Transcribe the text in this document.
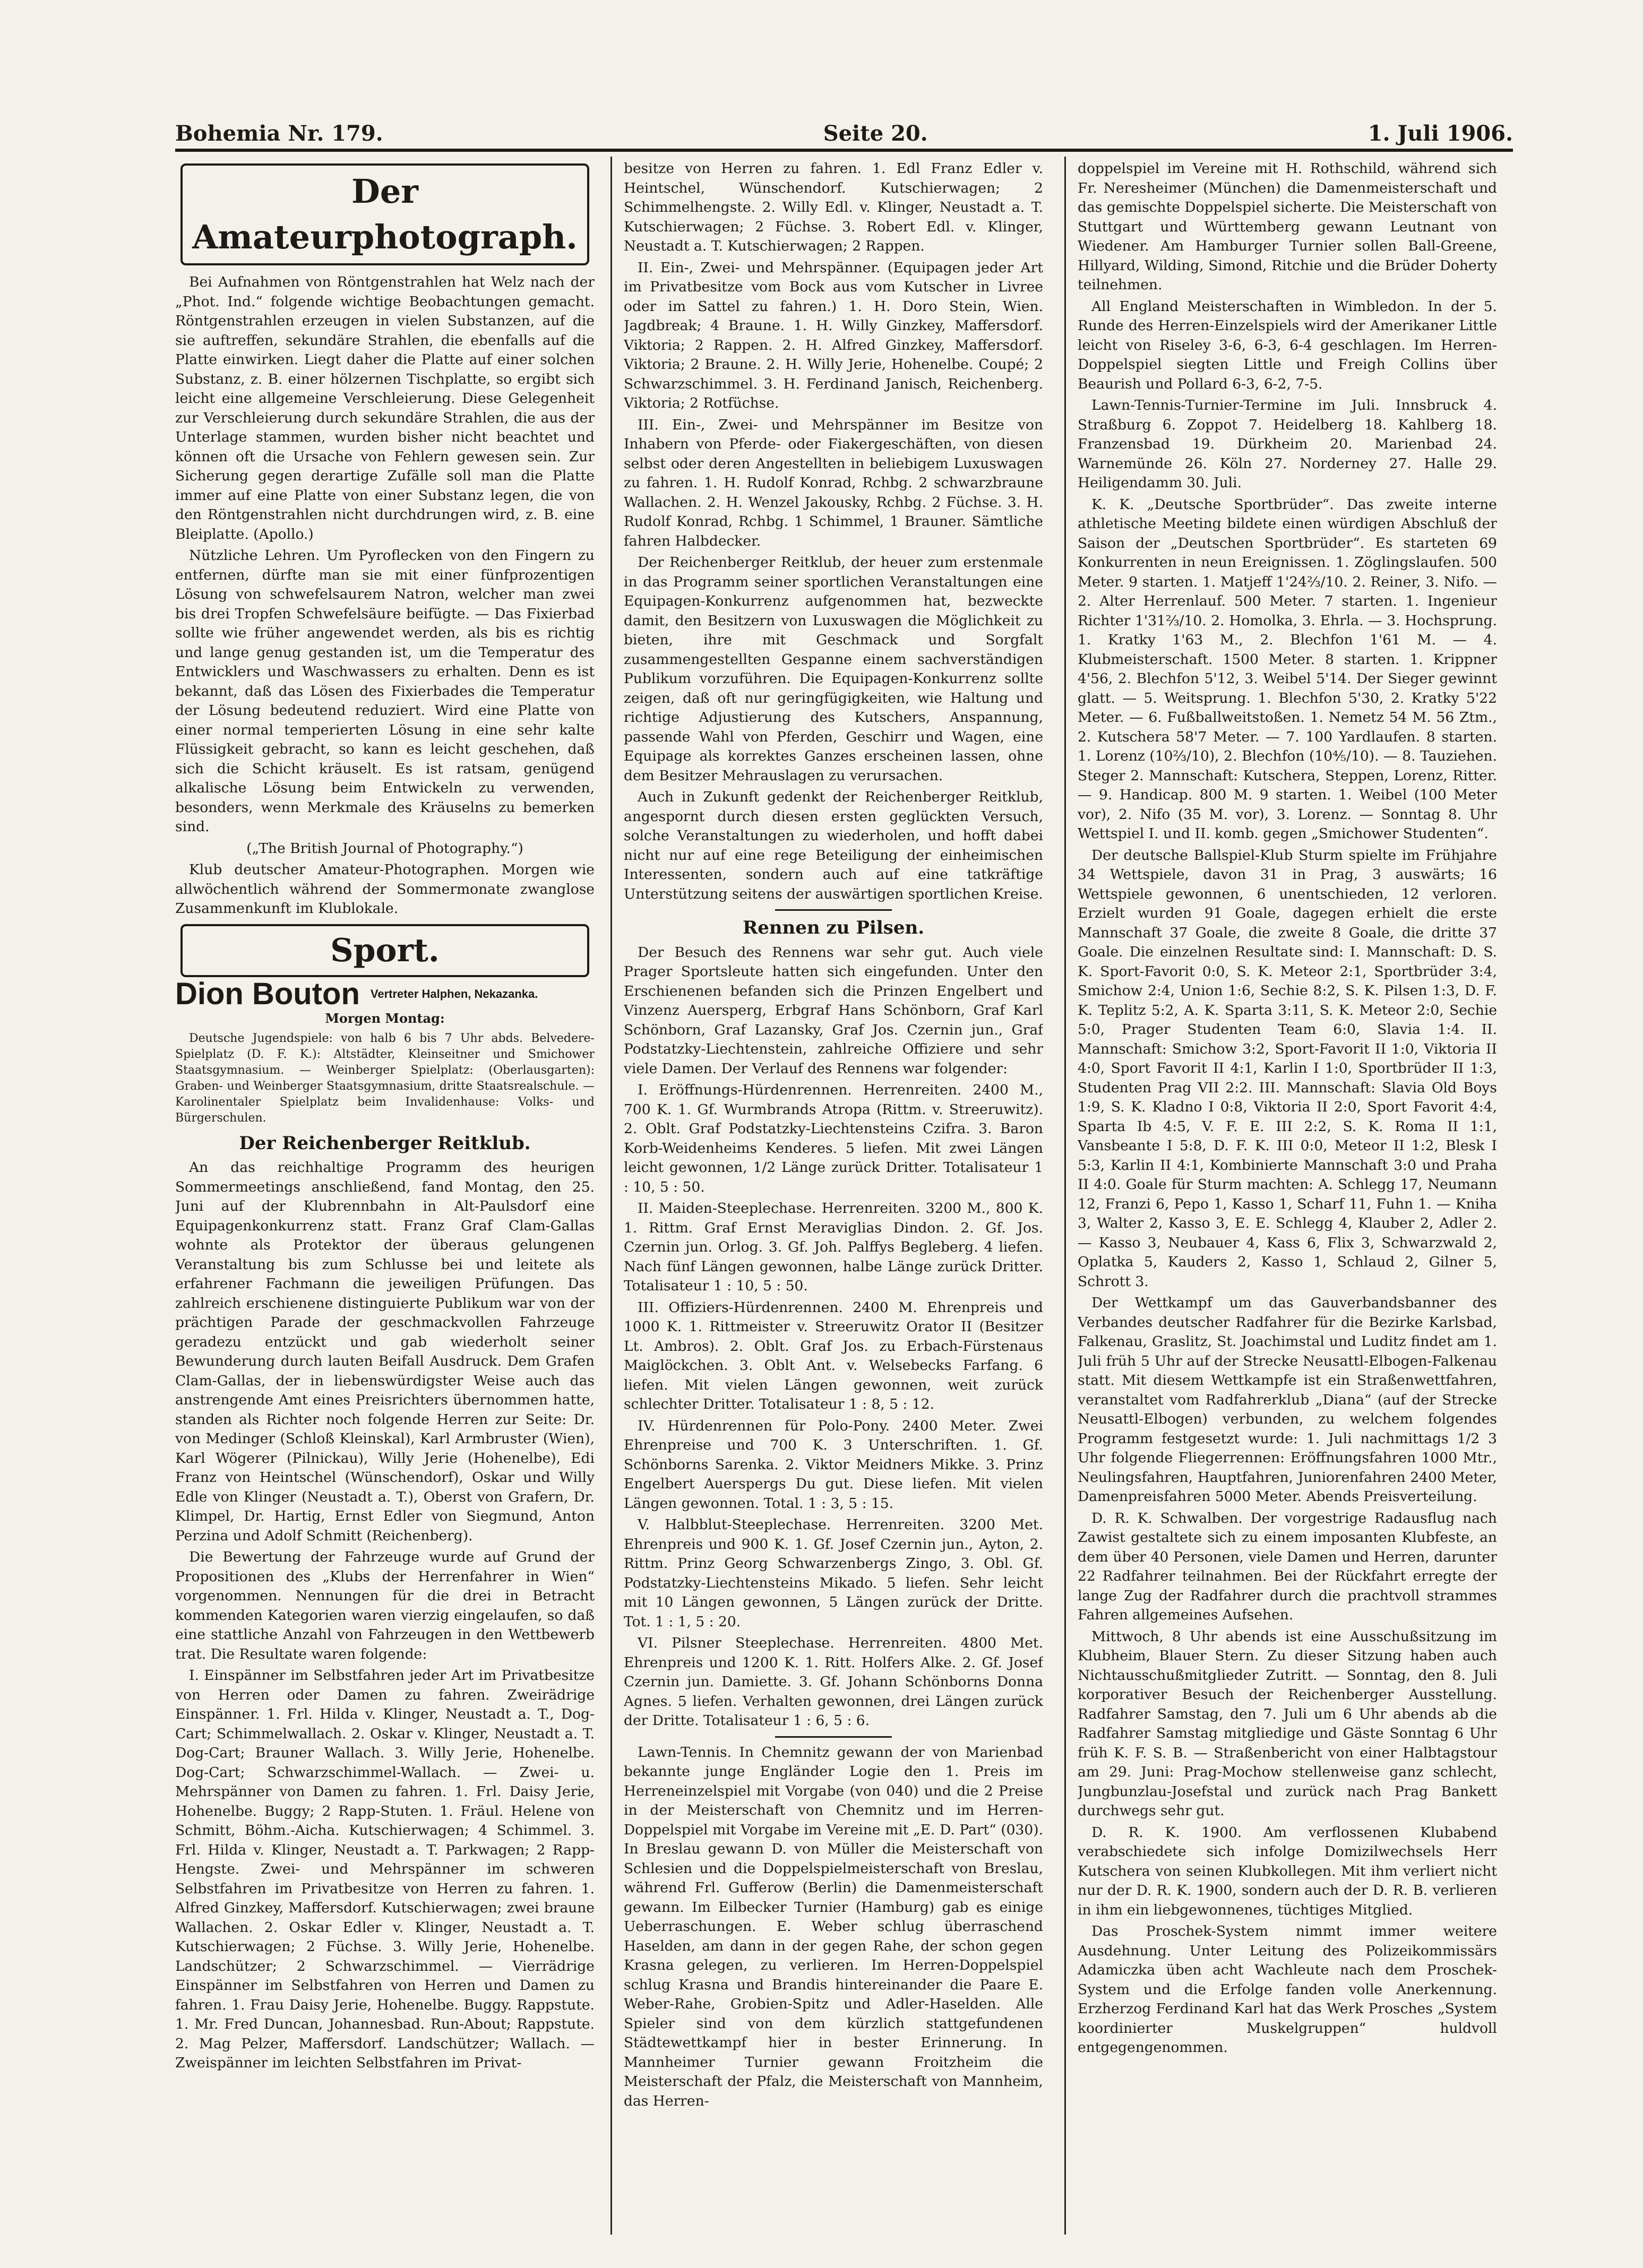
Bohemia Nr. 179.	Seite 20.	1. Juli 1906.
Der Amateurphotograph.

Bei Aufnahmen von Röntgenstrahlen hat Welz nach der „Phot. Ind.“ folgende wichtige Beobachtungen gemacht. Röntgenstrahlen erzeugen in vielen Substanzen, auf die sie auftreffen, sekundäre Strahlen, die ebenfalls auf die Platte einwirken. Liegt daher die Platte auf einer solchen Substanz, z. B. einer hölzernen Tischplatte, so ergibt sich leicht eine allgemeine Verschleierung. Diese Gelegenheit zur Verschleierung durch sekundäre Strahlen, die aus der Unterlage stammen, wurden bisher nicht beachtet und können oft die Ursache von Fehlern gewesen sein. Zur Sicherung gegen derartige Zufälle soll man die Platte immer auf eine Platte von einer Substanz legen, die von den Röntgenstrahlen nicht durchdrungen wird, z. B. eine Bleiplatte. (Apollo.)

Nützliche Lehren. Um Pyroflecken von den Fingern zu entfernen, dürfte man sie mit einer fünfprozentigen Lösung von schwefelsaurem Natron, welcher man zwei bis drei Tropfen Schwefelsäure beifügte. — Das Fixierbad sollte wie früher angewendet werden, als bis es richtig und lange genug gestanden ist, um die Temperatur des Entwicklers und Waschwassers zu erhalten. Denn es ist bekannt, daß das Lösen des Fixierbades die Temperatur der Lösung bedeutend reduziert. Wird eine Platte von einer normal temperierten Lösung in eine sehr kalte Flüssigkeit gebracht, so kann es leicht geschehen, daß sich die Schicht kräuselt. Es ist ratsam, genügend alkalische Lösung beim Entwickeln zu verwenden, besonders, wenn Merkmale des Kräuselns zu bemerken sind.

(„The British Journal of Photography.“)

Klub deutscher Amateur-Photographen. Morgen wie allwöchentlich während der Sommermonate zwanglose Zusammenkunft im Klublokale.

Sport.
Dion Bouton Vertreter Halphen, Nekazanka.
Morgen Montag:

Deutsche Jugendspiele: von halb 6 bis 7 Uhr abds. Belvedere-Spielplatz (D. F. K.): Altstädter, Kleinseitner und Smichower Staatsgymnasium. — Weinberger Spielplatz: (Oberlausgarten): Graben- und Weinberger Staatsgymnasium, dritte Staatsrealschule. — Karolinentaler Spielplatz beim Invalidenhause: Volks- und Bürgerschulen.

Der Reichenberger Reitklub.

An das reichhaltige Programm des heurigen Sommermeetings anschließend, fand Montag, den 25. Juni auf der Klubrennbahn in Alt-Paulsdorf eine Equipagenkonkurrenz statt. Franz Graf Clam-Gallas wohnte als Protektor der überaus gelungenen Veranstaltung bis zum Schlusse bei und leitete als erfahrener Fachmann die jeweiligen Prüfungen. Das zahlreich erschienene distinguierte Publikum war von der prächtigen Parade der geschmackvollen Fahrzeuge geradezu entzückt und gab wiederholt seiner Bewunderung durch lauten Beifall Ausdruck. Dem Grafen Clam-Gallas, der in liebenswürdigster Weise auch das anstrengende Amt eines Preisrichters übernommen hatte, standen als Richter noch folgende Herren zur Seite: Dr. von Medinger (Schloß Kleinskal), Karl Armbruster (Wien), Karl Wögerer (Pilnickau), Willy Jerie (Hohenelbe), Edi Franz von Heintschel (Wünschendorf), Oskar und Willy Edle von Klinger (Neustadt a. T.), Oberst von Grafern, Dr. Klimpel, Dr. Hartig, Ernst Edler von Siegmund, Anton Perzina und Adolf Schmitt (Reichenberg).

Die Bewertung der Fahrzeuge wurde auf Grund der Propositionen des „Klubs der Herrenfahrer in Wien“ vorgenommen. Nennungen für die drei in Betracht kommenden Kategorien waren vierzig eingelaufen, so daß eine stattliche Anzahl von Fahrzeugen in den Wettbewerb trat. Die Resultate waren folgende:

I. Einspänner im Selbstfahren jeder Art im Privatbesitze von Herren oder Damen zu fahren. Zweirädrige Einspänner. 1. Frl. Hilda v. Klinger, Neustadt a. T., Dog-Cart; Schimmelwallach. 2. Oskar v. Klinger, Neustadt a. T. Dog-Cart; Brauner Wallach. 3. Willy Jerie, Hohenelbe. Dog-Cart; Schwarzschimmel-Wallach. — Zwei- u. Mehrspänner von Damen zu fahren. 1. Frl. Daisy Jerie, Hohenelbe. Buggy; 2 Rapp-Stuten. 1. Fräul. Helene von Schmitt, Böhm.-Aicha. Kutschierwagen; 4 Schimmel. 3. Frl. Hilda v. Klinger, Neustadt a. T. Parkwagen; 2 Rapp-Hengste. Zwei- und Mehrspänner im schweren Selbstfahren im Privatbesitze von Herren zu fahren. 1. Alfred Ginzkey, Maffersdorf. Kutschierwagen; zwei braune Wallachen. 2. Oskar Edler v. Klinger, Neustadt a. T. Kutschierwagen; 2 Füchse. 3. Willy Jerie, Hohenelbe. Landschützer; 2 Schwarzschimmel. — Vierrädrige Einspänner im Selbstfahren von Herren und Damen zu fahren. 1. Frau Daisy Jerie, Hohenelbe. Buggy. Rappstute. 1. Mr. Fred Duncan, Johannesbad. Run-About; Rappstute. 2. Mag Pelzer, Maffersdorf. Landschützer; Wallach. — Zweispänner im leichten Selbstfahren im Privat-

besitze von Herren zu fahren. 1. Edl Franz Edler v. Heintschel, Wünschendorf. Kutschierwagen; 2 Schimmelhengste. 2. Willy Edl. v. Klinger, Neustadt a. T. Kutschierwagen; 2 Füchse. 3. Robert Edl. v. Klinger, Neustadt a. T. Kutschierwagen; 2 Rappen.

II. Ein-, Zwei- und Mehrspänner. (Equipagen jeder Art im Privatbesitze vom Bock aus vom Kutscher in Livree oder im Sattel zu fahren.) 1. H. Doro Stein, Wien. Jagdbreak; 4 Braune. 1. H. Willy Ginzkey, Maffersdorf. Viktoria; 2 Rappen. 2. H. Alfred Ginzkey, Maffersdorf. Viktoria; 2 Braune. 2. H. Willy Jerie, Hohenelbe. Coupé; 2 Schwarzschimmel. 3. H. Ferdinand Janisch, Reichenberg. Viktoria; 2 Rotfüchse.

III. Ein-, Zwei- und Mehrspänner im Besitze von Inhabern von Pferde- oder Fiakergeschäften, von diesen selbst oder deren Angestellten in beliebigem Luxuswagen zu fahren. 1. H. Rudolf Konrad, Rchbg. 2 schwarzbraune Wallachen. 2. H. Wenzel Jakousky, Rchbg. 2 Füchse. 3. H. Rudolf Konrad, Rchbg. 1 Schimmel, 1 Brauner. Sämtliche fahren Halbdecker.

Der Reichenberger Reitklub, der heuer zum erstenmale in das Programm seiner sportlichen Veranstaltungen eine Equipagen-Konkurrenz aufgenommen hat, bezweckte damit, den Besitzern von Luxuswagen die Möglichkeit zu bieten, ihre mit Geschmack und Sorgfalt zusammengestellten Gespanne einem sachverständigen Publikum vorzuführen. Die Equipagen-Konkurrenz sollte zeigen, daß oft nur geringfügigkeiten, wie Haltung und richtige Adjustierung des Kutschers, Anspannung, passende Wahl von Pferden, Geschirr und Wagen, eine Equipage als korrektes Ganzes erscheinen lassen, ohne dem Besitzer Mehrauslagen zu verursachen.

Auch in Zukunft gedenkt der Reichenberger Reitklub, angespornt durch diesen ersten geglückten Versuch, solche Veranstaltungen zu wiederholen, und hofft dabei nicht nur auf eine rege Beteiligung der einheimischen Interessenten, sondern auch auf eine tatkräftige Unterstützung seitens der auswärtigen sportlichen Kreise.

Rennen zu Pilsen.

Der Besuch des Rennens war sehr gut. Auch viele Prager Sportsleute hatten sich eingefunden. Unter den Erschienenen befanden sich die Prinzen Engelbert und Vinzenz Auersperg, Erbgraf Hans Schönborn, Graf Karl Schönborn, Graf Lazansky, Graf Jos. Czernin jun., Graf Podstatzky-Liechtenstein, zahlreiche Offiziere und sehr viele Damen. Der Verlauf des Rennens war folgender:

I. Eröffnungs-Hürdenrennen. Herrenreiten. 2400 M., 700 K. 1. Gf. Wurmbrands Atropa (Rittm. v. Streeruwitz). 2. Oblt. Graf Podstatzky-Liechtensteins Czifra. 3. Baron Korb-Weidenheims Kenderes. 5 liefen. Mit zwei Längen leicht gewonnen, 1/2 Länge zurück Dritter. Totalisateur 1 : 10, 5 : 50.

II. Maiden-Steeplechase. Herrenreiten. 3200 M., 800 K. 1. Rittm. Graf Ernst Meraviglias Dindon. 2. Gf. Jos. Czernin jun. Orlog. 3. Gf. Joh. Palffys Begleberg. 4 liefen. Nach fünf Längen gewonnen, halbe Länge zurück Dritter. Totalisateur 1 : 10, 5 : 50.

III. Offiziers-Hürdenrennen. 2400 M. Ehrenpreis und 1000 K. 1. Rittmeister v. Streeruwitz Orator II (Besitzer Lt. Ambros). 2. Oblt. Graf Jos. zu Erbach-Fürstenaus Maiglöckchen. 3. Oblt Ant. v. Welsebecks Farfang. 6 liefen. Mit vielen Längen gewonnen, weit zurück schlechter Dritter. Totalisateur 1 : 8, 5 : 12.

IV. Hürdenrennen für Polo-Pony. 2400 Meter. Zwei Ehrenpreise und 700 K. 3 Unterschriften. 1. Gf. Schönborns Sarenka. 2. Viktor Meidners Mikke. 3. Prinz Engelbert Auerspergs Du gut. Diese liefen. Mit vielen Längen gewonnen. Total. 1 : 3, 5 : 15.

V. Halbblut-Steeplechase. Herrenreiten. 3200 Met. Ehrenpreis und 900 K. 1. Gf. Josef Czernin jun., Ayton, 2. Rittm. Prinz Georg Schwarzenbergs Zingo, 3. Obl. Gf. Podstatzky-Liechtensteins Mikado. 5 liefen. Sehr leicht mit 10 Längen gewonnen, 5 Längen zurück der Dritte. Tot. 1 : 1, 5 : 20.

VI. Pilsner Steeplechase. Herrenreiten. 4800 Met. Ehrenpreis und 1200 K. 1. Ritt. Holfers Alke. 2. Gf. Josef Czernin jun. Damiette. 3. Gf. Johann Schönborns Donna Agnes. 5 liefen. Verhalten gewonnen, drei Längen zurück der Dritte. Totalisateur 1 : 6, 5 : 6.

Lawn-Tennis. In Chemnitz gewann der von Marienbad bekannte junge Engländer Logie den 1. Preis im Herreneinzelspiel mit Vorgabe (von 040) und die 2 Preise in der Meisterschaft von Chemnitz und im Herren-Doppelspiel mit Vorgabe im Vereine mit „E. D. Part“ (030). In Breslau gewann D. von Müller die Meisterschaft von Schlesien und die Doppelspielmeisterschaft von Breslau, während Frl. Gufferow (Berlin) die Damenmeisterschaft gewann. Im Eilbecker Turnier (Hamburg) gab es einige Ueberraschungen. E. Weber schlug überraschend Haselden, am dann in der gegen Rahe, der schon gegen Krasna gelegen, zu verlieren. Im Herren-Doppelspiel schlug Krasna und Brandis hintereinander die Paare E. Weber-Rahe, Grobien-Spitz und Adler-Haselden. Alle Spieler sind von dem kürzlich stattgefundenen Städtewettkampf hier in bester Erinnerung. In Mannheimer Turnier gewann Froitzheim die Meisterschaft der Pfalz, die Meisterschaft von Mannheim, das Herren-

doppelspiel im Vereine mit H. Rothschild, während sich Fr. Neresheimer (München) die Damenmeisterschaft und das gemischte Doppelspiel sicherte. Die Meisterschaft von Stuttgart und Württemberg gewann Leutnant von Wiedener. Am Hamburger Turnier sollen Ball-Greene, Hillyard, Wilding, Simond, Ritchie und die Brüder Doherty teilnehmen.

All England Meisterschaften in Wimbledon. In der 5. Runde des Herren-Einzelspiels wird der Amerikaner Little leicht von Riseley 3-6, 6-3, 6-4 geschlagen. Im Herren-Doppelspiel siegten Little und Freigh Collins über Beaurish und Pollard 6-3, 6-2, 7-5.

Lawn-Tennis-Turnier-Termine im Juli. Innsbruck 4. Straßburg 6. Zoppot 7. Heidelberg 18. Kahlberg 18. Franzensbad 19. Dürkheim 20. Marienbad 24. Warnemünde 26. Köln 27. Norderney 27. Halle 29. Heiligendamm 30. Juli.

K. K. „Deutsche Sportbrüder“. Das zweite interne athletische Meeting bildete einen würdigen Abschluß der Saison der „Deutschen Sportbrüder“. Es starteten 69 Konkurrenten in neun Ereignissen. 1. Zöglingslaufen. 500 Meter. 9 starten. 1. Matjeff 1'24⅔/10. 2. Reiner, 3. Nifo. — 2. Alter Herrenlauf. 500 Meter. 7 starten. 1. Ingenieur Richter 1'31⅔/10. 2. Homolka, 3. Ehrla. — 3. Hochsprung. 1. Kratky 1'63 M., 2. Blechfon 1'61 M. — 4. Klubmeisterschaft. 1500 Meter. 8 starten. 1. Krippner 4'56, 2. Blechfon 5'12, 3. Weibel 5'14. Der Sieger gewinnt glatt. — 5. Weitsprung. 1. Blechfon 5'30, 2. Kratky 5'22 Meter. — 6. Fußballweitstoßen. 1. Nemetz 54 M. 56 Ztm., 2. Kutschera 58'7 Meter. — 7. 100 Yardlaufen. 8 starten. 1. Lorenz (10⅔/10), 2. Blechfon (10⅘/10). — 8. Tauziehen. Steger 2. Mannschaft: Kutschera, Steppen, Lorenz, Ritter. — 9. Handicap. 800 M. 9 starten. 1. Weibel (100 Meter vor), 2. Nifo (35 M. vor), 3. Lorenz. — Sonntag 8. Uhr Wettspiel I. und II. komb. gegen „Smichower Studenten“.

Der deutsche Ballspiel-Klub Sturm spielte im Frühjahre 34 Wettspiele, davon 31 in Prag, 3 auswärts; 16 Wettspiele gewonnen, 6 unentschieden, 12 verloren. Erzielt wurden 91 Goale, dagegen erhielt die erste Mannschaft 37 Goale, die zweite 8 Goale, die dritte 37 Goale. Die einzelnen Resultate sind: I. Mannschaft: D. S. K. Sport-Favorit 0:0, S. K. Meteor 2:1, Sportbrüder 3:4, Smichow 2:4, Union 1:6, Sechie 8:2, S. K. Pilsen 1:3, D. F. K. Teplitz 5:2, A. K. Sparta 3:11, S. K. Meteor 2:0, Sechie 5:0, Prager Studenten Team 6:0, Slavia 1:4. II. Mannschaft: Smichow 3:2, Sport-Favorit II 1:0, Viktoria II 4:0, Sport Favorit II 4:1, Karlin I 1:0, Sportbrüder II 1:3, Studenten Prag VII 2:2. III. Mannschaft: Slavia Old Boys 1:9, S. K. Kladno I 0:8, Viktoria II 2:0, Sport Favorit 4:4, Sparta Ib 4:5, V. F. E. III 2:2, S. K. Roma II 1:1, Vansbeante I 5:8, D. F. K. III 0:0, Meteor II 1:2, Blesk I 5:3, Karlin II 4:1, Kombinierte Mannschaft 3:0 und Praha II 4:0. Goale für Sturm machten: A. Schlegg 17, Neumann 12, Franzi 6, Pepo 1, Kasso 1, Scharf 11, Fuhn 1. — Kniha 3, Walter 2, Kasso 3, E. E. Schlegg 4, Klauber 2, Adler 2. — Kasso 3, Neubauer 4, Kass 6, Flix 3, Schwarzwald 2, Oplatka 5, Kauders 2, Kasso 1, Schlaud 2, Gilner 5, Schrott 3.

Der Wettkampf um das Gauverbandsbanner des Verbandes deutscher Radfahrer für die Bezirke Karlsbad, Falkenau, Graslitz, St. Joachimstal und Luditz findet am 1. Juli früh 5 Uhr auf der Strecke Neusattl-Elbogen-Falkenau statt. Mit diesem Wettkampfe ist ein Straßenwettfahren, veranstaltet vom Radfahrerklub „Diana“ (auf der Strecke Neusattl-Elbogen) verbunden, zu welchem folgendes Programm festgesetzt wurde: 1. Juli nachmittags 1/2 3 Uhr folgende Fliegerrennen: Eröffnungsfahren 1000 Mtr., Neulingsfahren, Hauptfahren, Juniorenfahren 2400 Meter, Damenpreisfahren 5000 Meter. Abends Preisverteilung.

D. R. K. Schwalben. Der vorgestrige Radausflug nach Zawist gestaltete sich zu einem imposanten Klubfeste, an dem über 40 Personen, viele Damen und Herren, darunter 22 Radfahrer teilnahmen. Bei der Rückfahrt erregte der lange Zug der Radfahrer durch die prachtvoll strammes Fahren allgemeines Aufsehen.

Mittwoch, 8 Uhr abends ist eine Ausschußsitzung im Klubheim, Blauer Stern. Zu dieser Sitzung haben auch Nichtausschußmitglieder Zutritt. — Sonntag, den 8. Juli korporativer Besuch der Reichenberger Ausstellung. Radfahrer Samstag, den 7. Juli um 6 Uhr abends ab die Radfahrer Samstag mitgliedige und Gäste Sonntag 6 Uhr früh K. F. S. B. — Straßenbericht von einer Halbtagstour am 29. Juni: Prag-Mochow stellenweise ganz schlecht, Jungbunzlau-Josefstal und zurück nach Prag Bankett durchwegs sehr gut.

D. R. K. 1900. Am verflossenen Klubabend verabschiedete sich infolge Domizilwechsels Herr Kutschera von seinen Klubkollegen. Mit ihm verliert nicht nur der D. R. K. 1900, sondern auch der D. R. B. verlieren in ihm ein liebgewonnenes, tüchtiges Mitglied.

Das Proschek-System nimmt immer weitere Ausdehnung. Unter Leitung des Polizeikommissärs Adamiczka üben acht Wachleute nach dem Proschek-System und die Erfolge fanden volle Anerkennung. Erzherzog Ferdinand Karl hat das Werk Prosches „System koordinierter Muskelgruppen“ huldvoll entgegengenommen.
